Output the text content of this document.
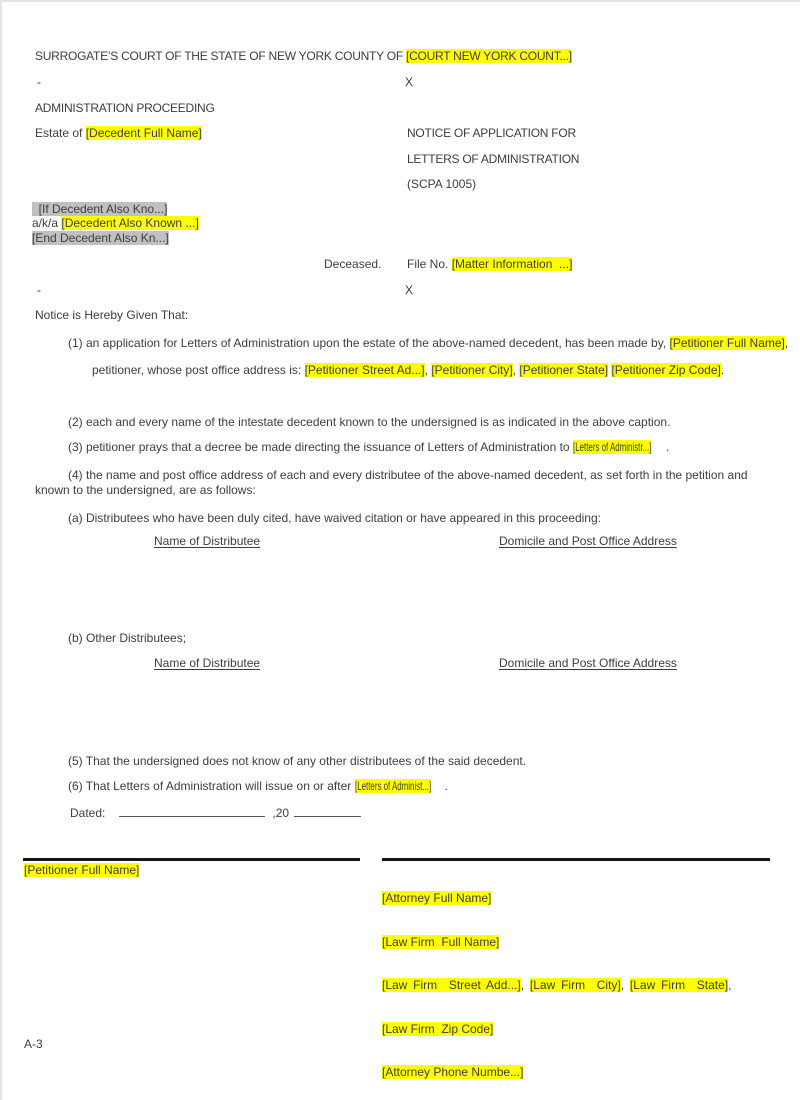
SURROGATE’S COURT OF THE STATE OF NEW YORK COUNTY OF [COURT NEW YORK COUNT...]
-	X
ADMINISTRATION PROCEEDING
Estate of [Decedent Full Name]	NOTICE OF APPLICATION FOR
LETTERS OF ADMINISTRATION
(SCPA 1005)
[If Decedent Also Kno...]
a/k/a [Decedent Also Known ...]
[End Decedent Also Kn...]
Deceased. File No. [Matter Information  ...]
-	X
Notice is Hereby Given That:
(1) an application for Letters of Administration upon the estate of the above-named decedent, has been made by, [Petitioner Full Name], petitioner, whose post office address is: [Petitioner Street Ad...], [Petitioner City], [Petitioner State] [Petitioner Zip Code].
(2) each and every name of the intestate decedent known to the undersigned is as indicated in the above caption.
(3) petitioner prays that a decree be made directing the issuance of Letters of Administration to [Letters of Administr...] .
(4) the name and post office address of each and every distributee of the above-named decedent, as set forth in the petition and known to the undersigned, are as follows:
(a) Distributees who have been duly cited, have waived citation or have appeared in this proceeding:
Name of Distributee	Domicile and Post Office Address
(b) Other Distributees;
Name of Distributee	Domicile and Post Office Address
(5) That the undersigned does not know of any other distributees of the said decedent.
(6) That Letters of Administration will issue on or after [Letters of Administ...] .
Dated:	,20
[Petitioner Full Name]

[Attorney Full Name]

[Law Firm  Full Name]

[Law Firm  Street Add...], [Law Firm  City], [Law Firm  State],

[Law Firm  Zip Code]

[Attorney Phone Numbe...]

A-3
